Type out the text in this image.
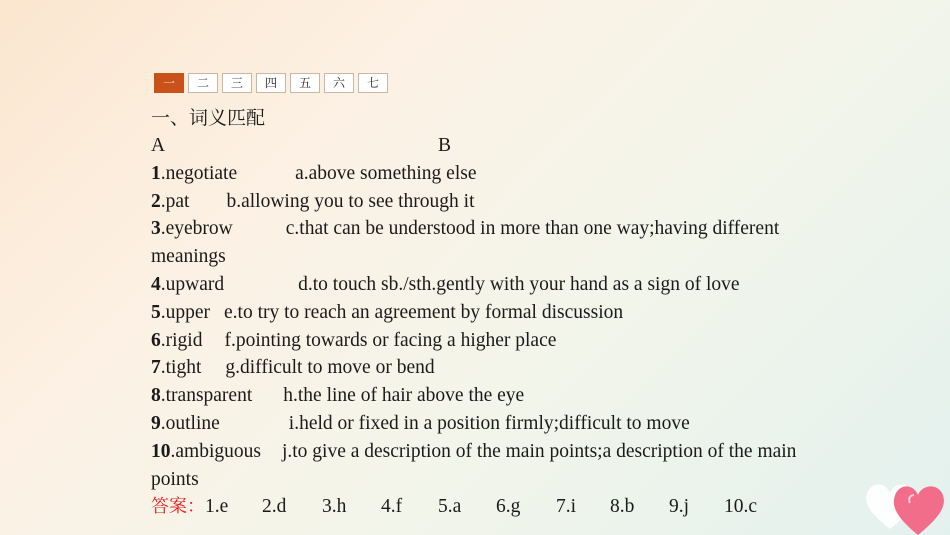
一	二	三	四	五	六	七
一、词义匹配
A	B
1.negotiate	a.above something else
2.pat b.allowing you to see through it
3.eyebrow	c.that can be understood in more than one way;having different meanings
4.upward	d.to touch sb./sth.gently with your hand as a sign of love
5.upper e.to try to reach an agreement by formal discussion
6.rigid f.pointing towards or facing a higher place
7.tight g.difficult to move or bend
8.transparent h.the line of hair above the eye
9.outline	i.held or fixed in a position firmly;difficult to move
10.ambiguous j.to give a description of the main points;a description of the main points
答案：1.e 2.d 3.h 4.f 5.a 6.g 7.i 8.b 9.j 10.c
